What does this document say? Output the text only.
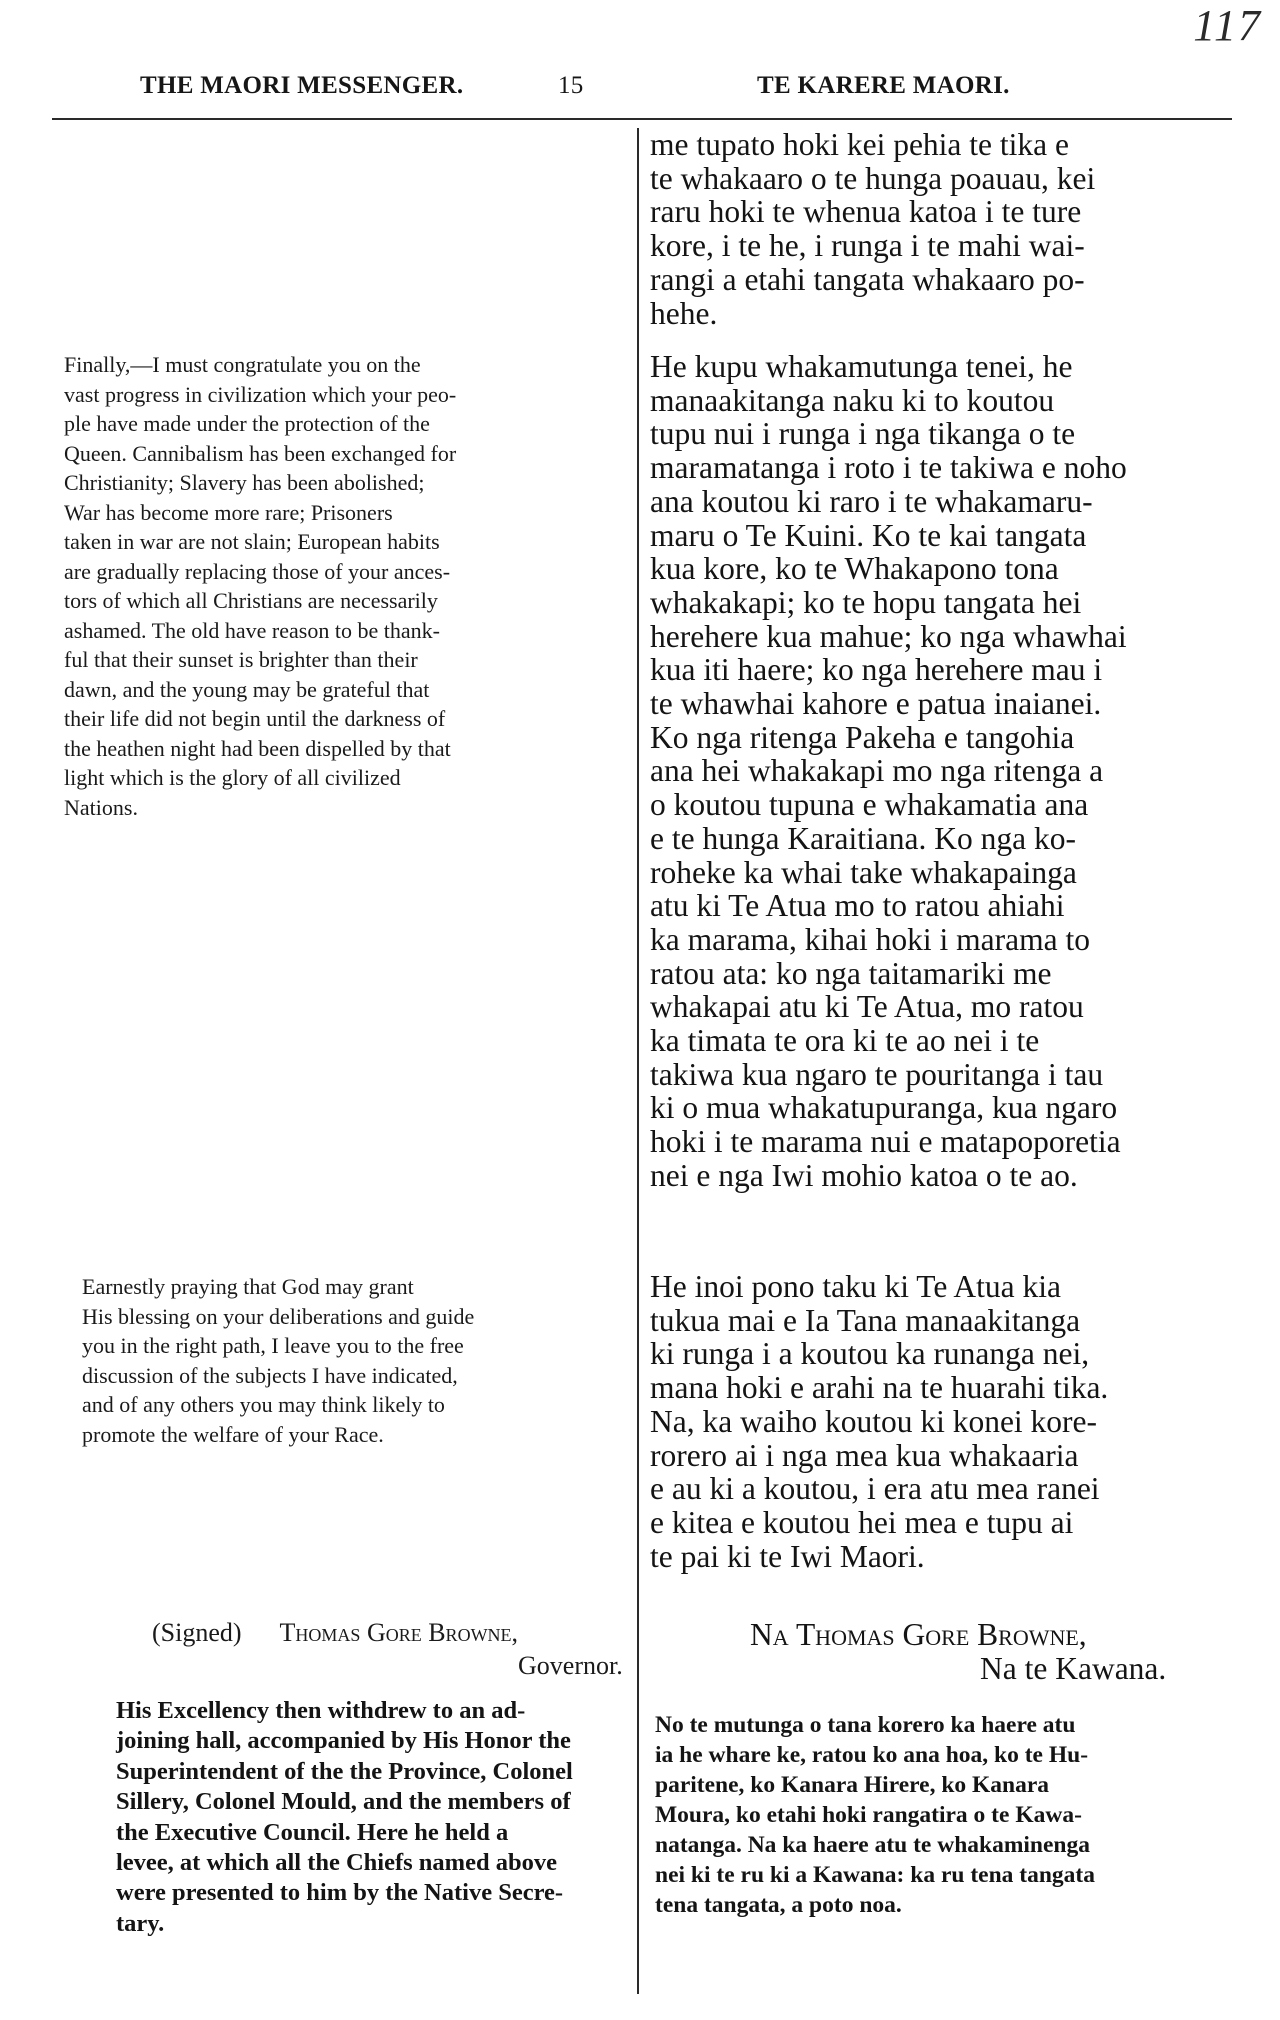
117
THE MAORI MESSENGER.	15	TE KARERE MAORI.

Finally,—I must congratulate you on the
vast progress in civilization which your peo-
ple have made under the protection of the
Queen. Cannibalism has been exchanged for
Christianity; Slavery has been abolished;
War has become more rare; Prisoners
taken in war are not slain; European habits
are gradually replacing those of your ances-
tors of which all Christians are necessarily
ashamed. The old have reason to be thank-
ful that their sunset is brighter than their
dawn, and the young may be grateful that
their life did not begin until the darkness of
the heathen night had been dispelled by that
light which is the glory of all civilized
Nations.

Earnestly praying that God may grant
His blessing on your deliberations and guide
you in the right path, I leave you to the free
discussion of the subjects I have indicated,
and of any others you may think likely to
promote the welfare of your Race.

(Signed) Thomas Gore Browne,
Governor.

His Excellency then withdrew to an ad-
joining hall, accompanied by His Honor the
Superintendent of the the Province, Colonel
Sillery, Colonel Mould, and the members of
the Executive Council. Here he held a
levee, at which all the Chiefs named above
were presented to him by the Native Secre-
tary.

me tupato hoki kei pehia te tika e
te whakaaro o te hunga poauau, kei
raru hoki te whenua katoa i te ture
kore, i te he, i runga i te mahi wai-
rangi a etahi tangata whakaaro po-
hehe.

He kupu whakamutunga tenei, he
manaakitanga naku ki to koutou
tupu nui i runga i nga tikanga o te
maramatanga i roto i te takiwa e noho
ana koutou ki raro i te whakamaru-
maru o Te Kuini. Ko te kai tangata
kua kore, ko te Whakapono tona
whakakapi; ko te hopu tangata hei
herehere kua mahue; ko nga whawhai
kua iti haere; ko nga herehere mau i
te whawhai kahore e patua inaianei.
Ko nga ritenga Pakeha e tangohia
ana hei whakakapi mo nga ritenga a
o koutou tupuna e whakamatia ana
e te hunga Karaitiana. Ko nga ko-
roheke ka whai take whakapainga
atu ki Te Atua mo to ratou ahiahi
ka marama, kihai hoki i marama to
ratou ata: ko nga taitamariki me
whakapai atu ki Te Atua, mo ratou
ka timata te ora ki te ao nei i te
takiwa kua ngaro te pouritanga i tau
ki o mua whakatupuranga, kua ngaro
hoki i te marama nui e matapoporetia
nei e nga Iwi mohio katoa o te ao.

He inoi pono taku ki Te Atua kia
tukua mai e Ia Tana manaakitanga
ki runga i a koutou ka runanga nei,
mana hoki e arahi na te huarahi tika.
Na, ka waiho koutou ki konei kore-
rorero ai i nga mea kua whakaaria
e au ki a koutou, i era atu mea ranei
e kitea e koutou hei mea e tupu ai
te pai ki te Iwi Maori.

Na Thomas Gore Browne,
Na te Kawana.

No te mutunga o tana korero ka haere atu
ia he whare ke, ratou ko ana hoa, ko te Hu-
paritene, ko Kanara Hirere, ko Kanara
Moura, ko etahi hoki rangatira o te Kawa-
natanga. Na ka haere atu te whakaminenga
nei ki te ru ki a Kawana: ka ru tena tangata
tena tangata, a poto noa.
